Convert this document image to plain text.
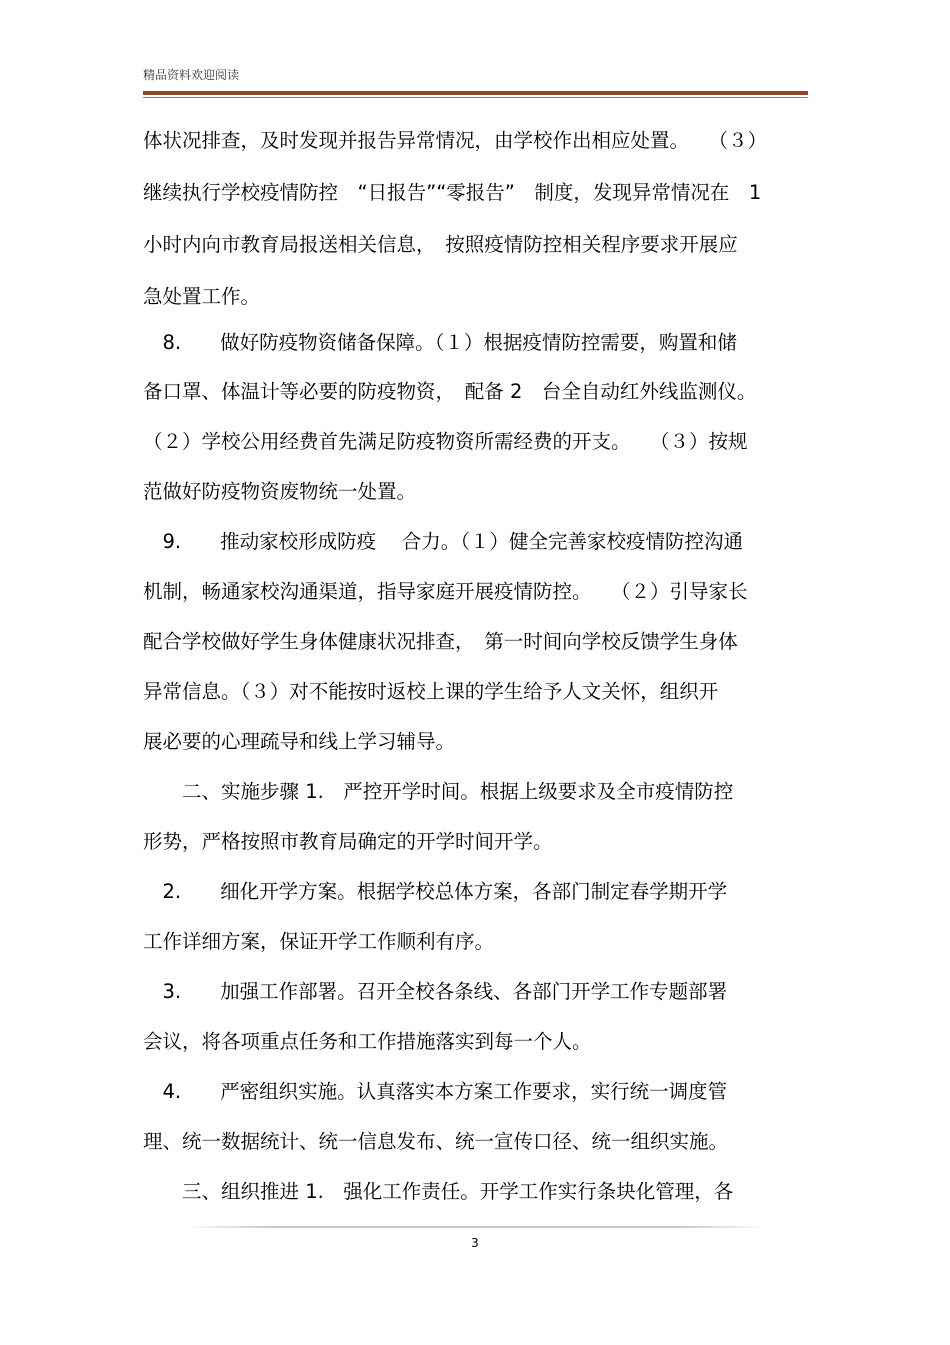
精品资料欢迎阅读
体状况排查，及时发现并报告异常情况，由学校作出相应处置。　　（３）
继续执行学校疫情防控　“日报告”“零报告”　制度，发现异常情况在　1
小时内向市教育局报送相关信息，　按照疫情防控相关程序要求开展应
急处置工作。
　8.　　做好防疫物资储备保障。（１）根据疫情防控需要，购置和储
备口罩、体温计等必要的防疫物资，　配备 2　台全自动红外线监测仪。
（２）学校公用经费首先满足防疫物资所需经费的开支。　　（３）按规
范做好防疫物资废物统一处置。
　9.　　推动家校形成防疫　 合力。（１）健全完善家校疫情防控沟通
机制，畅通家校沟通渠道，指导家庭开展疫情防控。　　（２）引导家长
配合学校做好学生身体健康状况排查，　第一时间向学校反馈学生身体
异常信息。（３）对不能按时返校上课的学生给予人文关怀，组织开
展必要的心理疏导和线上学习辅导。
　　二、实施步骤 1.　严控开学时间。根据上级要求及全市疫情防控
形势，严格按照市教育局确定的开学时间开学。
　2.　　细化开学方案。根据学校总体方案，各部门制定春学期开学
工作详细方案，保证开学工作顺利有序。
　3.　　加强工作部署。召开全校各条线、各部门开学工作专题部署
会议，将各项重点任务和工作措施落实到每一个人。
　4.　　严密组织实施。认真落实本方案工作要求，实行统一调度管
理、统一数据统计、统一信息发布、统一宣传口径、统一组织实施。
　　三、组织推进 1.　强化工作责任。开学工作实行条块化管理，各
3
